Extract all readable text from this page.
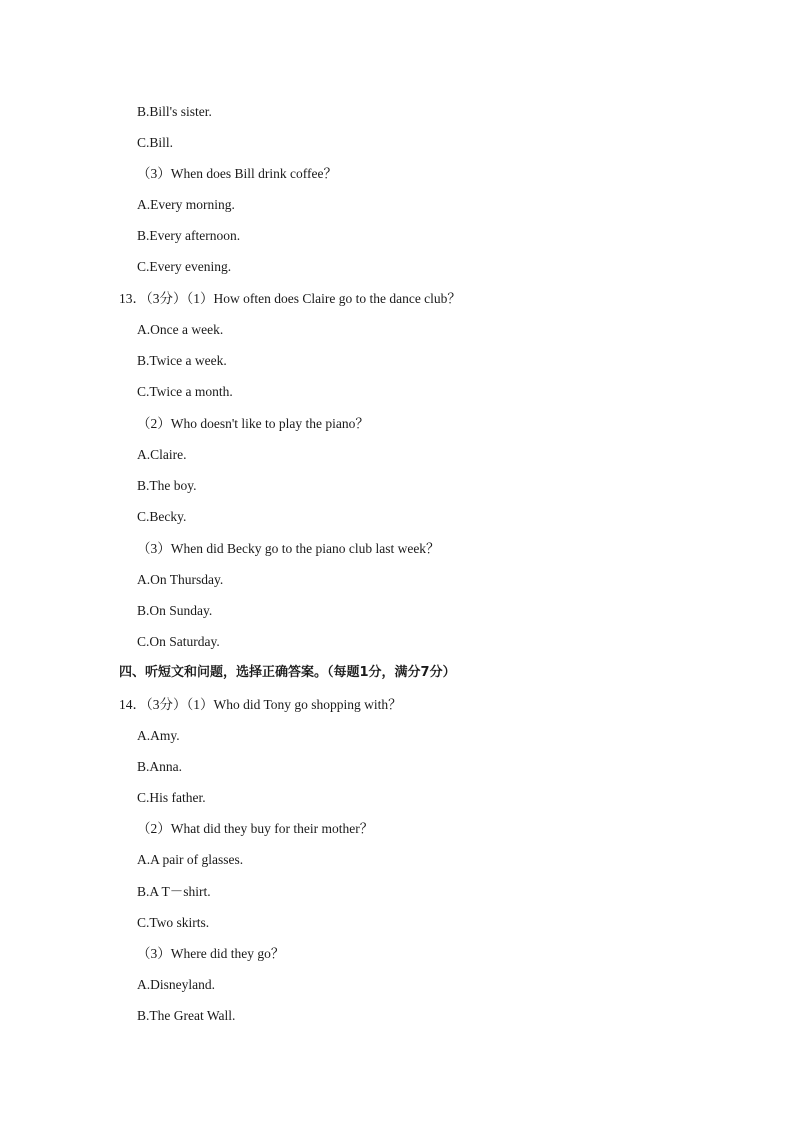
B.Bill's sister.
C.Bill.
（3）When does Bill drink coffee？
A.Every morning.
B.Every afternoon.
C.Every evening.
13．（3分）（1）How often does Claire go to the dance club？
A.Once a week.
B.Twice a week.
C.Twice a month.
（2）Who doesn't like to play the piano？
A.Claire.
B.The boy.
C.Becky.
（3）When did Becky go to the piano club last week？
A.On Thursday.
B.On Sunday.
C.On Saturday.
四、听短文和问题，选择正确答案。（每题1分，满分7分）
14．（3分）（1）Who did Tony go shopping with？
A.Amy.
B.Anna.
C.His father.
（2）What did they buy for their mother？
A.A pair of glasses.
B.A T－shirt.
C.Two skirts.
（3）Where did they go？
A.Disneyland.
B.The Great Wall.
